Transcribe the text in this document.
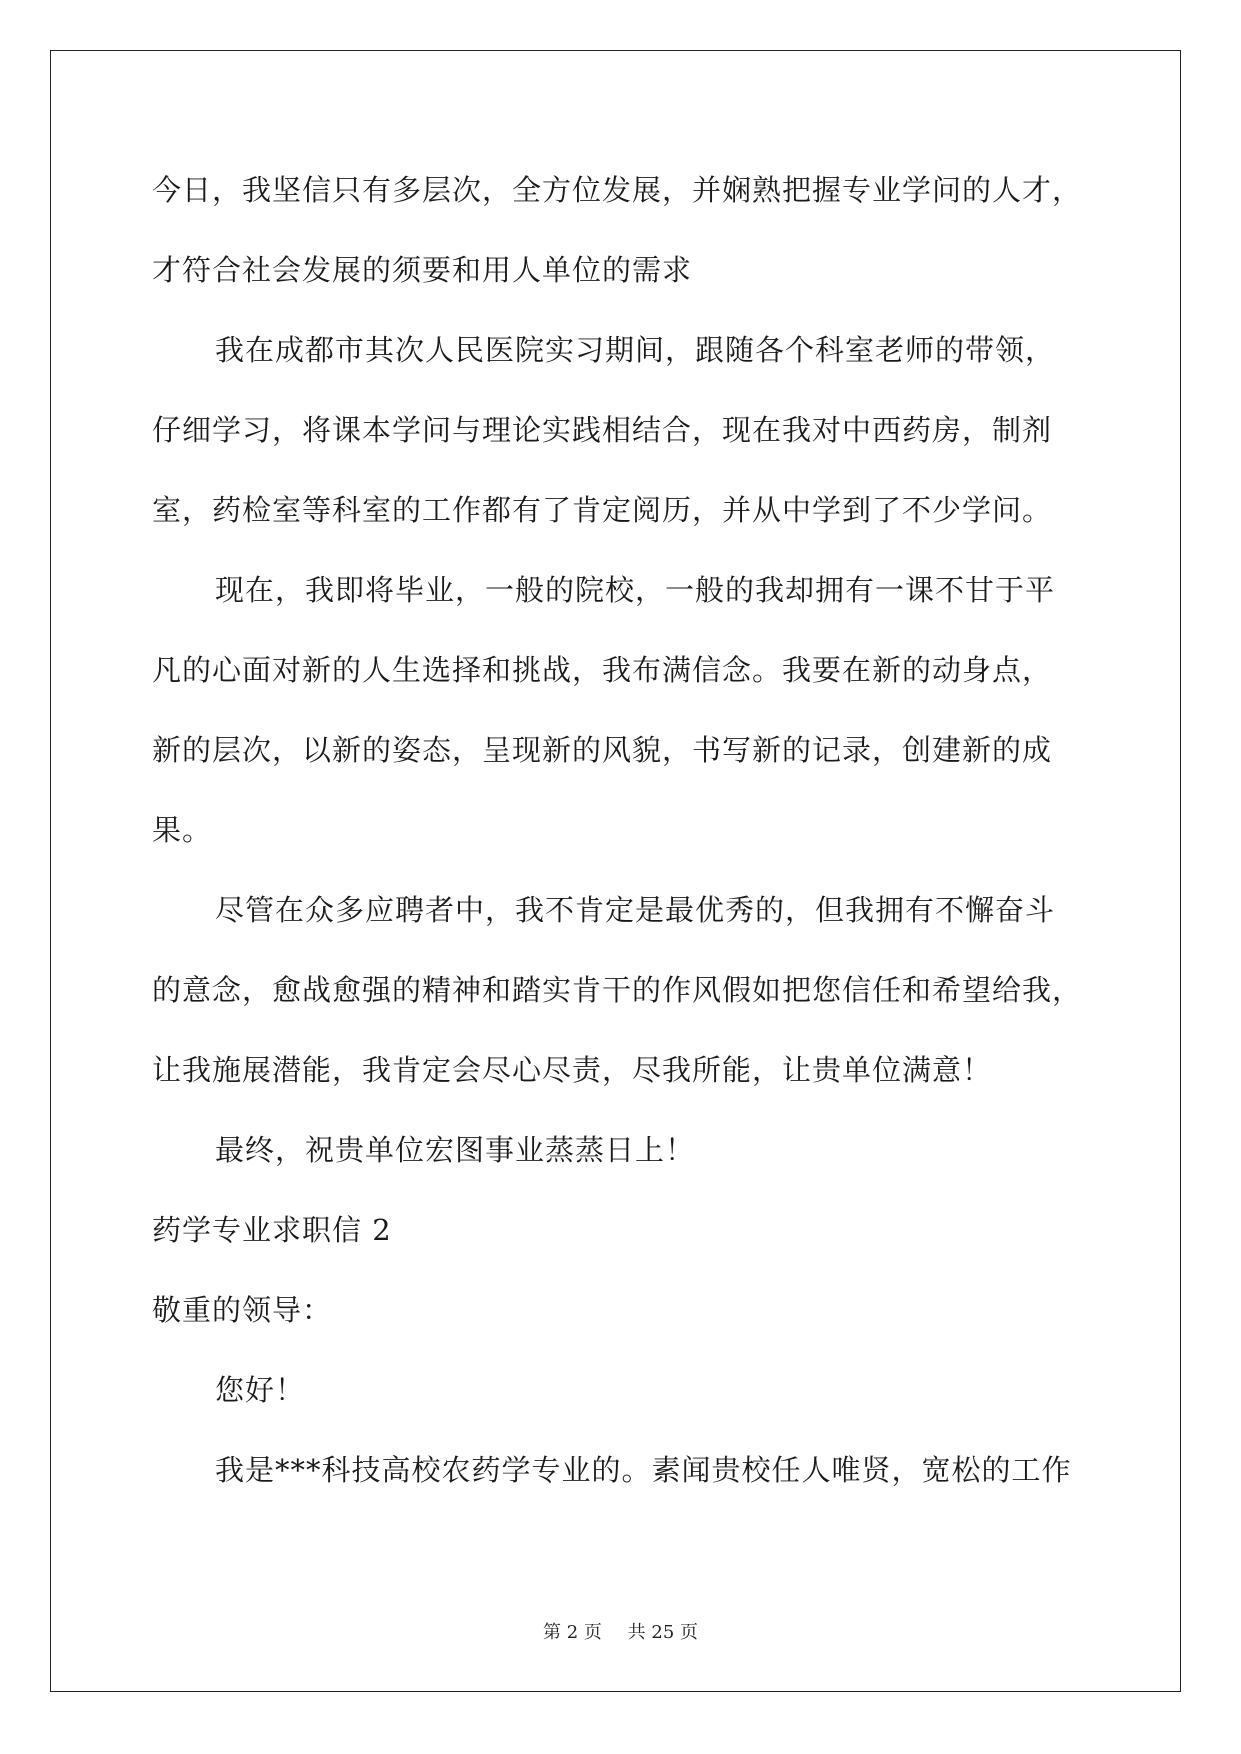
今日，我坚信只有多层次，全方位发展，并娴熟把握专业学问的人才，
才符合社会发展的须要和用人单位的需求
我在成都市其次人民医院实习期间，跟随各个科室老师的带领，
仔细学习，将课本学问与理论实践相结合，现在我对中西药房，制剂
室，药检室等科室的工作都有了肯定阅历，并从中学到了不少学问。
现在，我即将毕业，一般的院校，一般的我却拥有一课不甘于平
凡的心面对新的人生选择和挑战，我布满信念。我要在新的动身点，
新的层次，以新的姿态，呈现新的风貌，书写新的记录，创建新的成
果。
尽管在众多应聘者中，我不肯定是最优秀的，但我拥有不懈奋斗
的意念，愈战愈强的精神和踏实肯干的作风假如把您信任和希望给我，
让我施展潜能，我肯定会尽心尽责，尽我所能，让贵单位满意！
最终，祝贵单位宏图事业蒸蒸日上！
药学专业求职信 2
敬重的领导：
您好！
我是***科技高校农药学专业的。素闻贵校任人唯贤，宽松的工作
第 2 页 共 25 页
